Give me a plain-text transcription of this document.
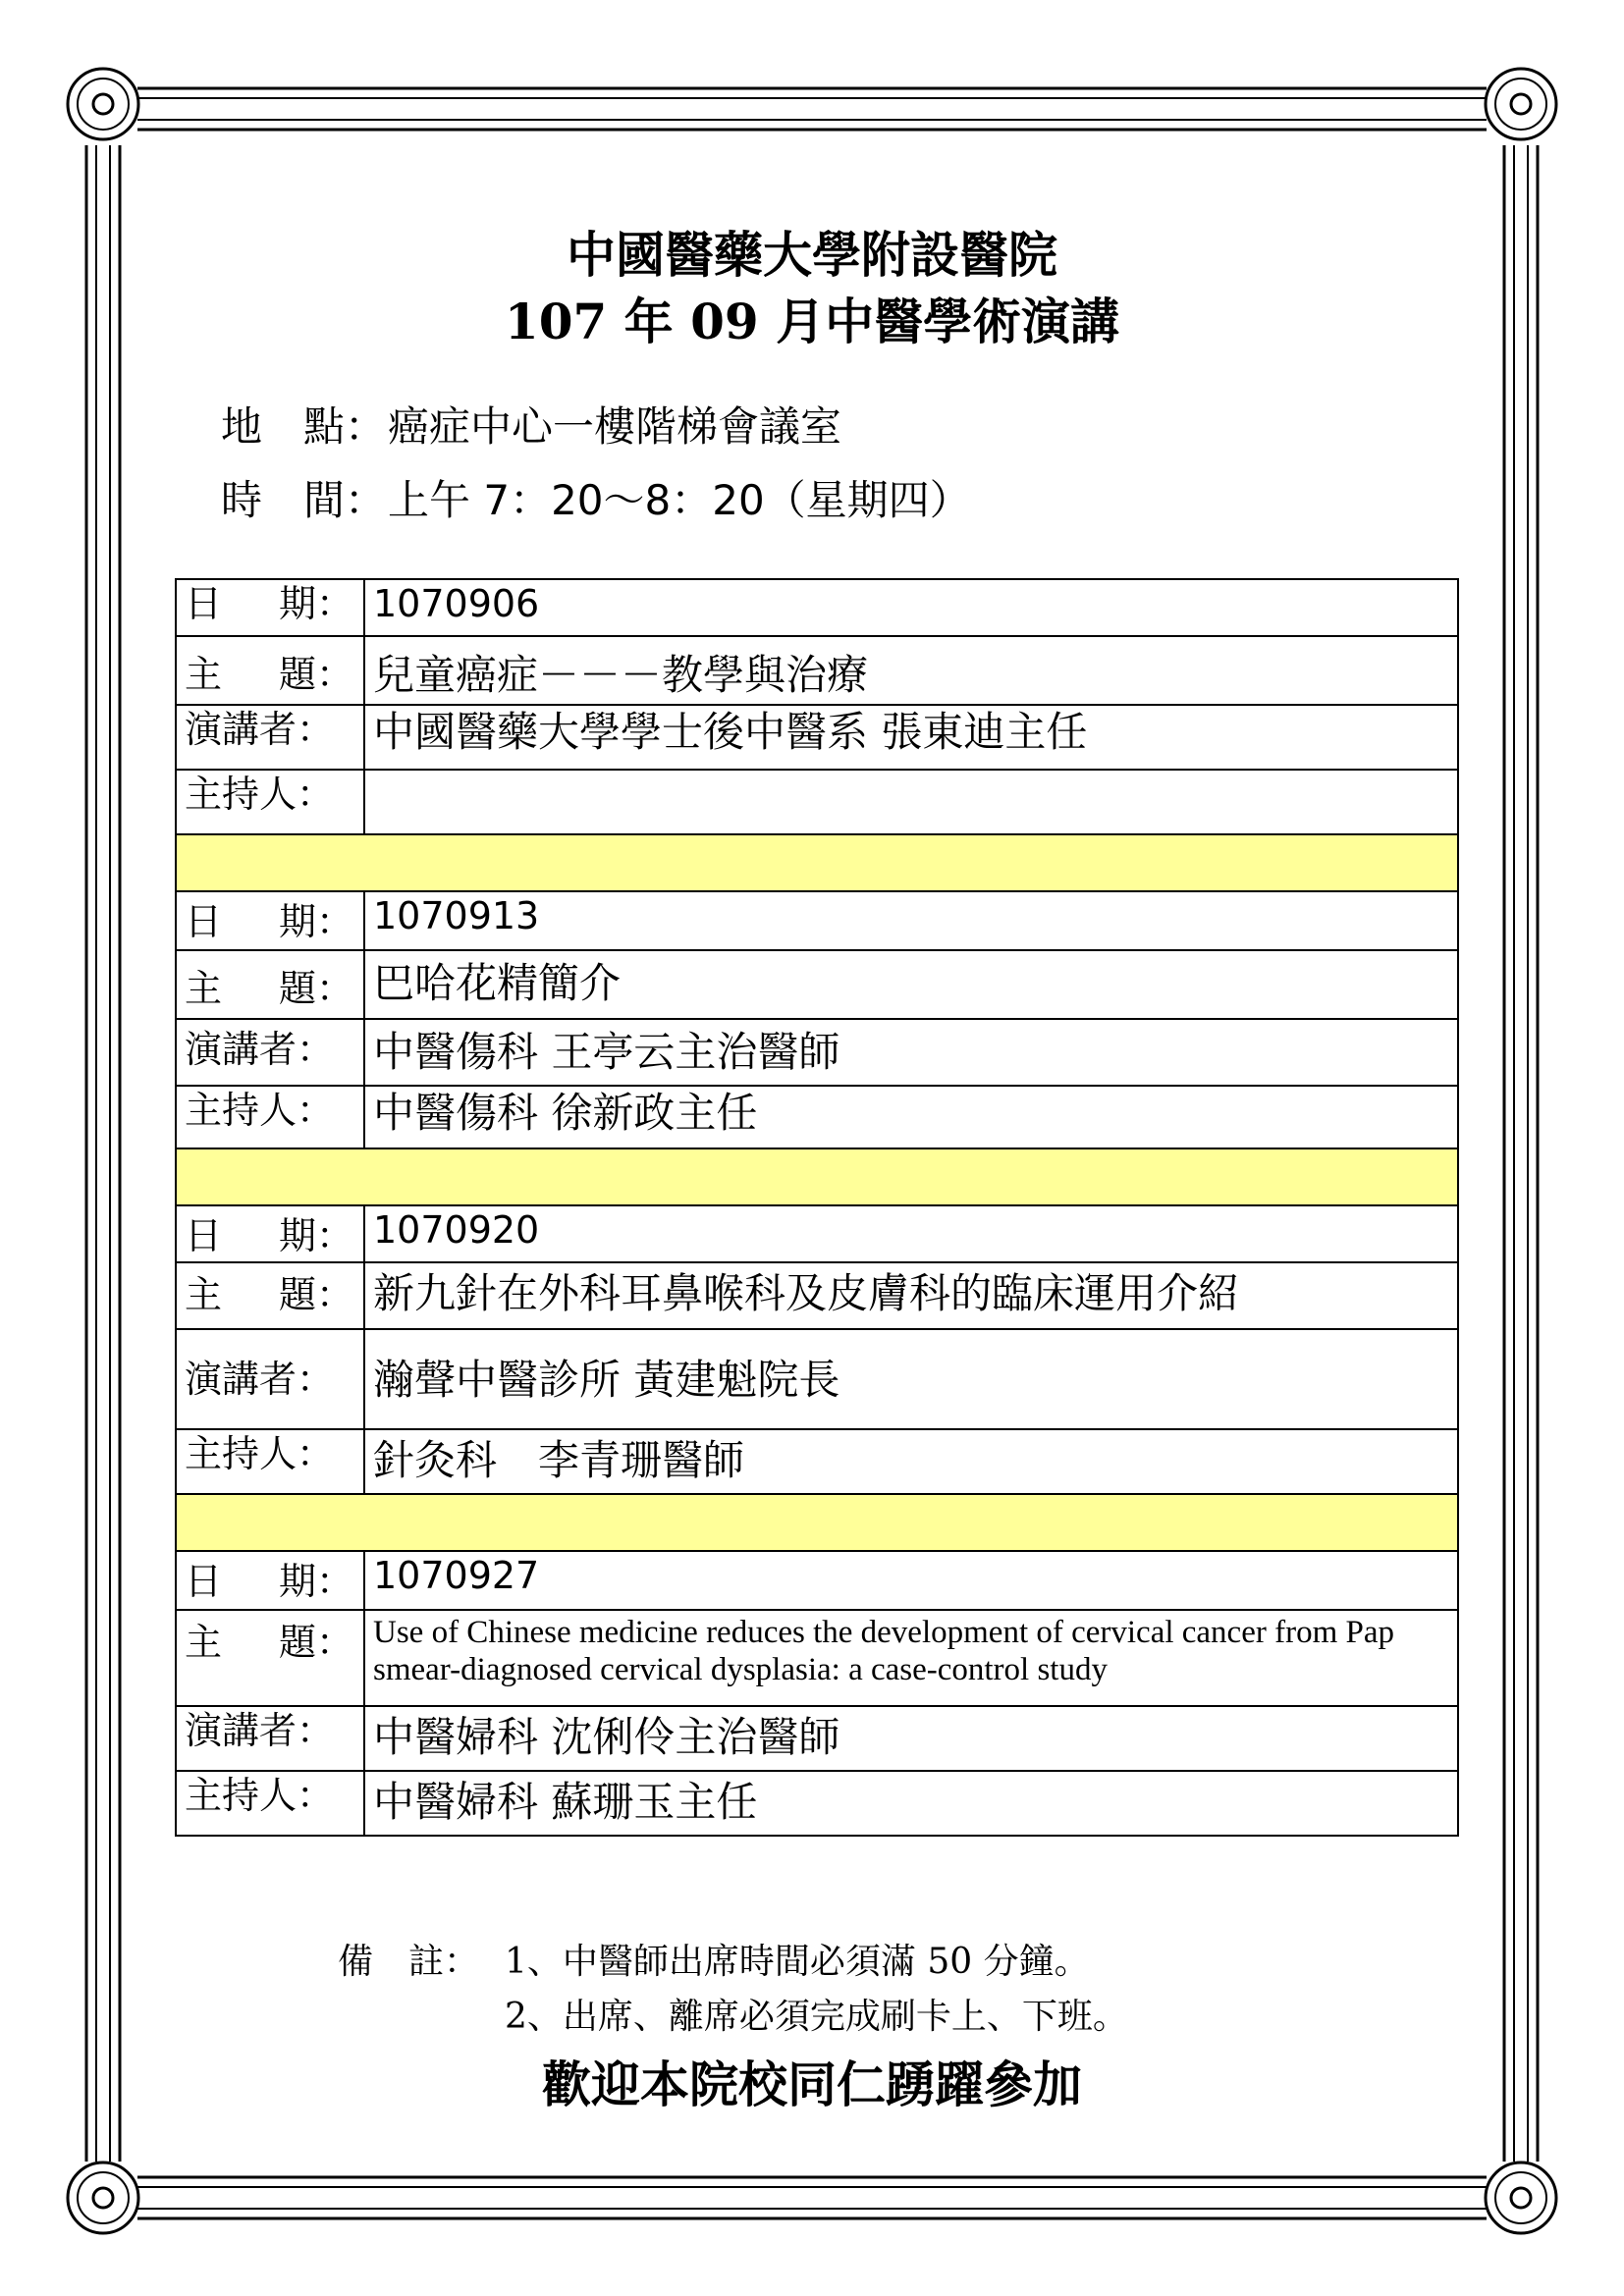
中國醫藥大學附設醫院
107 年 09 月中醫學術演講
地　點：癌症中心一樓階梯會議室
時　間：上午 7：20～8：20（星期四）
日 期：	1070906
主 題：	兒童癌症－－－教學與治療
演講者：	中國醫藥大學學士後中醫系 張東迪主任
主持人：	

日 期：	1070913
主 題：	巴哈花精簡介
演講者：	中醫傷科 王亭云主治醫師
主持人：	中醫傷科 徐新政主任

日 期：	1070920
主 題：	新九針在外科耳鼻喉科及皮膚科的臨床運用介紹
演講者：	瀚聲中醫診所 黃建魁院長
主持人：	針灸科　李青珊醫師

日 期：	1070927
主 題：	Use of Chinese medicine reduces the development of cervical cancer from Pap smear-diagnosed cervical dysplasia: a case-control study
演講者：	中醫婦科 沈俐伶主治醫師
主持人：	中醫婦科 蘇珊玉主任
備　註： 1、中醫師出席時間必須滿 50 分鐘。
2、出席、離席必須完成刷卡上、下班。
歡迎本院校同仁踴躍參加
